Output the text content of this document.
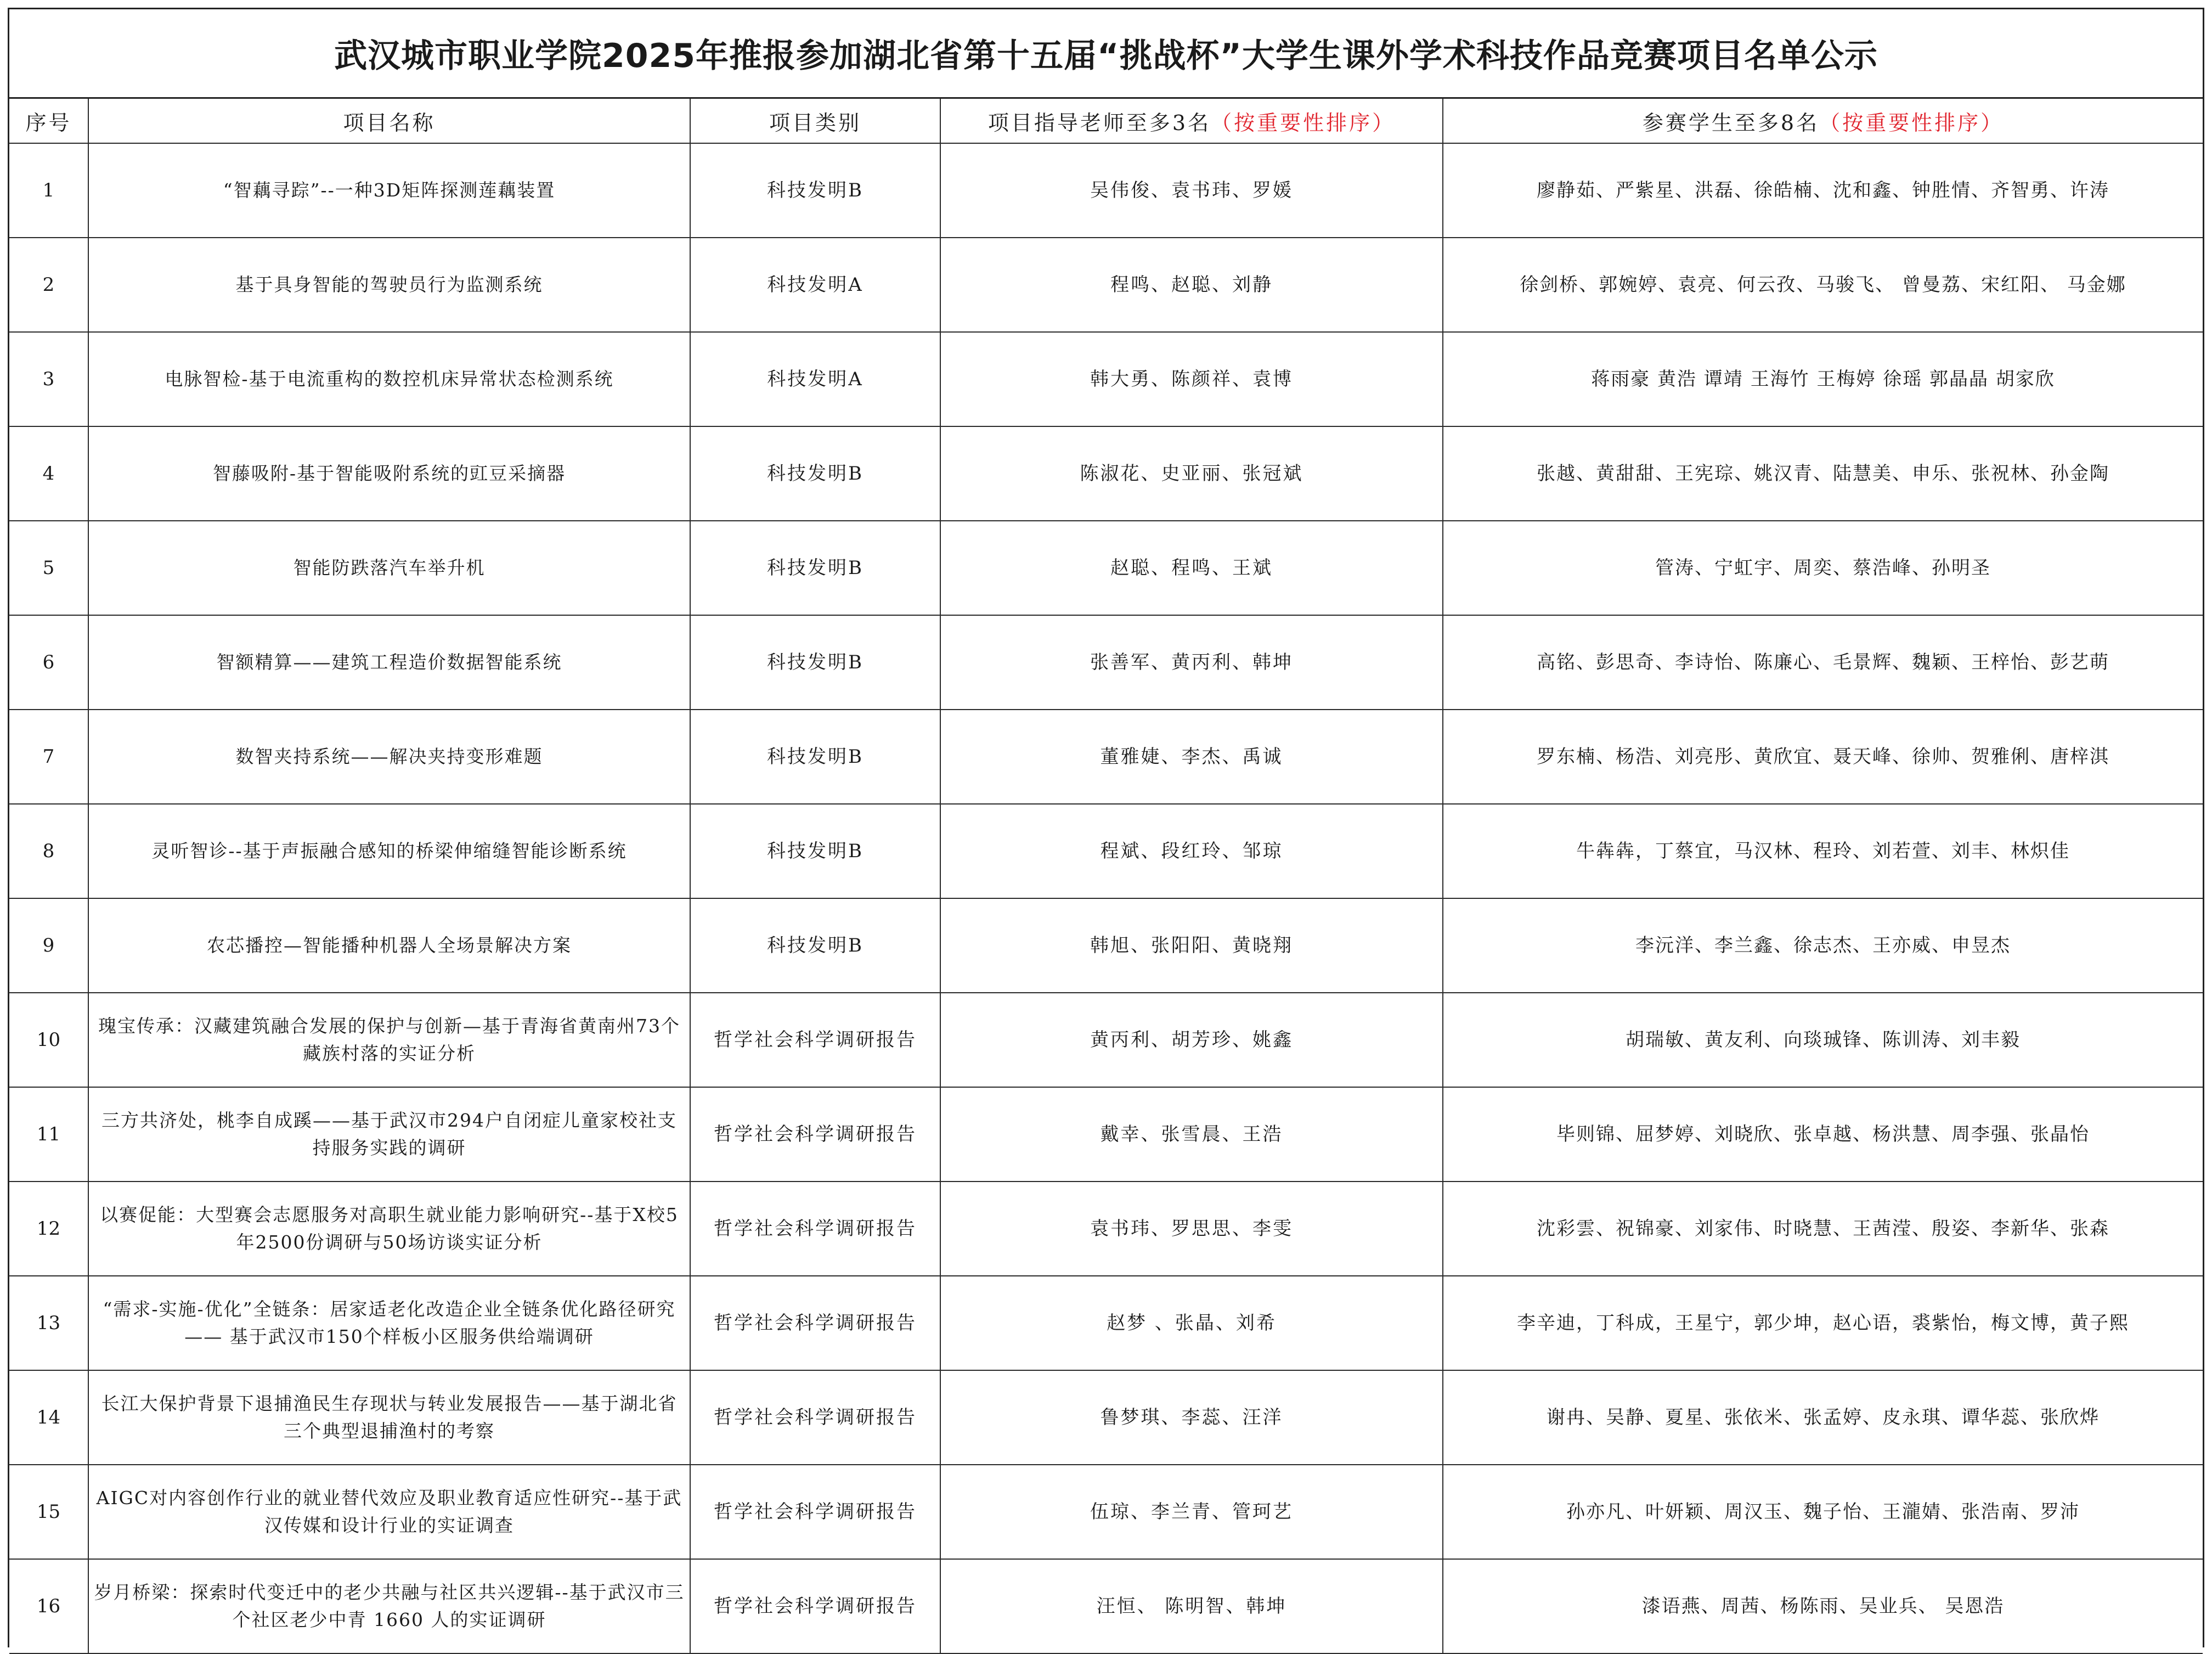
武汉城市职业学院2025年推报参加湖北省第十五届“挑战杯”大学生课外学术科技作品竞赛项目名单公示
序号	项目名称	项目类别	项目指导老师至多3名（按重要性排序）	参赛学生至多8名（按重要性排序）
1	“智藕寻踪”--一种3D矩阵探测莲藕装置	科技发明B	吴伟俊、袁书玮、罗媛	廖静茹、严紫星、洪磊、徐皓楠、沈和鑫、钟胜情、齐智勇、许涛
2	基于具身智能的驾驶员行为监测系统	科技发明A	程鸣、赵聪、刘静	徐剑桥、郭婉婷、袁亮、何云孜、马骏飞、 曾曼荔、宋红阳、 马金娜
3	电脉智检-基于电流重构的数控机床异常状态检测系统	科技发明A	韩大勇、陈颜祥、袁博	蒋雨豪 黄浩 谭靖 王海竹 王梅婷 徐瑶 郭晶晶 胡家欣
4	智藤吸附-基于智能吸附系统的豇豆采摘器	科技发明B	陈淑花、史亚丽、张冠斌	张越、黄甜甜、王宪琮、姚汉青、陆慧美、申乐、张祝林、孙金陶
5	智能防跌落汽车举升机	科技发明B	赵聪、程鸣、王斌	管涛、宁虹宇、周奕、蔡浩峰、孙明圣
6	智额精算——建筑工程造价数据智能系统	科技发明B	张善军、黄丙利、韩坤	高铭、彭思奇、李诗怡、陈廉心、毛景辉、魏颖、王梓怡、彭艺萌
7	数智夹持系统——解决夹持变形难题	科技发明B	董雅婕、李杰、禹诚	罗东楠、杨浩、刘亮彤、黄欣宜、聂天峰、徐帅、贺雅俐、唐梓淇
8	灵听智诊--基于声振融合感知的桥梁伸缩缝智能诊断系统	科技发明B	程斌、段红玲、邹琼	牛犇犇，丁蔡宜，马汉林、程玲、刘若萱、刘丰、林炽佳
9	农芯播控—智能播种机器人全场景解决方案	科技发明B	韩旭、张阳阳、黄晓翔	李沅洋、李兰鑫、徐志杰、王亦威、申昱杰
10	瑰宝传承：汉藏建筑融合发展的保护与创新—基于青海省黄南州73个藏族村落的实证分析	哲学社会科学调研报告	黄丙利、胡芳珍、姚鑫	胡瑞敏、黄友利、向琰珹锋、陈训涛、刘丰毅
11	三方共济处，桃李自成蹊——基于武汉市294户自闭症儿童家校社支持服务实践的调研	哲学社会科学调研报告	戴幸、张雪晨、王浩	毕则锦、屈梦婷、刘晓欣、张卓越、杨洪慧、周李强、张晶怡
12	以赛促能：大型赛会志愿服务对高职生就业能力影响研究--基于X校5年2500份调研与50场访谈实证分析	哲学社会科学调研报告	袁书玮、罗思思、李雯	沈彩雲、祝锦豪、刘家伟、时晓慧、王茜滢、殷姿、李新华、张森
13	“需求-实施-优化”全链条：居家适老化改造企业全链条优化路径研究—— 基于武汉市150个样板小区服务供给端调研	哲学社会科学调研报告	赵梦 、张晶、刘希	李辛迪，丁科成，王星宁，郭少坤，赵心语，裘紫怡，梅文博，黄子熙
14	长江大保护背景下退捕渔民生存现状与转业发展报告——基于湖北省三个典型退捕渔村的考察	哲学社会科学调研报告	鲁梦琪、李蕊、汪洋	谢冉、吴静、夏星、张依米、张孟婷、皮永琪、谭华蕊、张欣烨
15	AIGC对内容创作行业的就业替代效应及职业教育适应性研究--基于武汉传媒和设计行业的实证调查	哲学社会科学调研报告	伍琼、李兰青、管珂艺	孙亦凡、叶妍颖、周汉玉、魏子怡、王瀧婧、张浩南、罗沛
16	岁月桥梁：探索时代变迁中的老少共融与社区共兴逻辑--基于武汉市三个社区老少中青 1660 人的实证调研	哲学社会科学调研报告	汪恒、 陈明智、韩坤	漆语燕、周茜、杨陈雨、吴业兵、 吴恩浩
